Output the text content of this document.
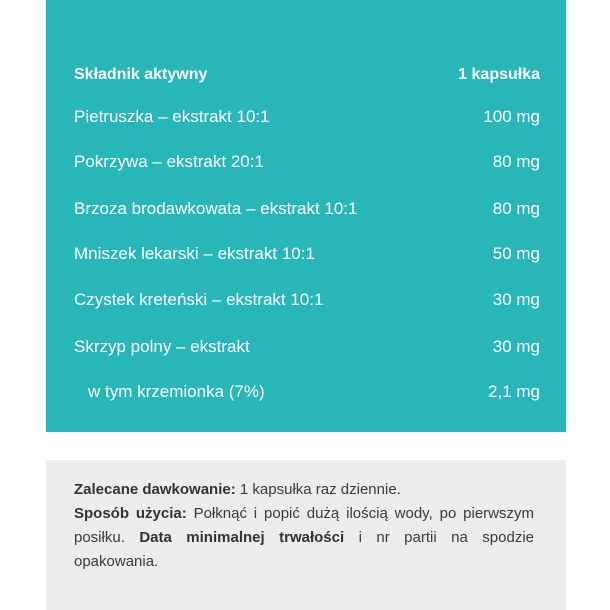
Składnik aktywny	1 kapsułka
Pietruszka – ekstrakt 10:1	100 mg
Pokrzywa – ekstrakt 20:1	80 mg
Brzoza brodawkowata – ekstrakt 10:1	80 mg
Mniszek lekarski – ekstrakt 10:1	50 mg
Czystek kreteński – ekstrakt 10:1	30 mg
Skrzyp polny – ekstrakt	30 mg
w tym krzemionka (7%)	2,1 mg

Zalecane dawkowanie: 1 kapsułka raz dziennie.

Sposób użycia: Połknąć i popić dużą ilością wody, po pierwszym posiłku. Data minimalnej trwałości i nr partii na spodzie opakowania.
